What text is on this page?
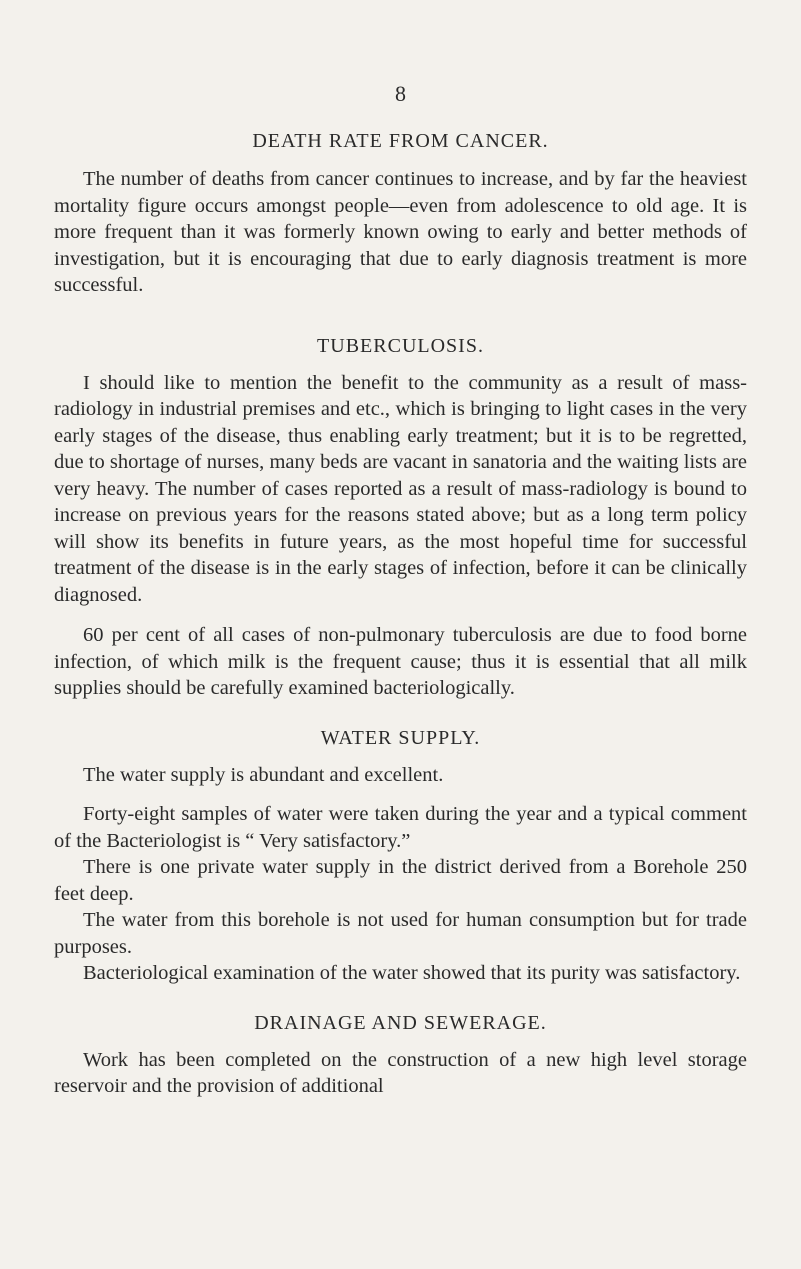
8
DEATH RATE FROM CANCER.

The number of deaths from cancer continues to increase, and by far the heaviest mortality figure occurs amongst people—even from adolescence to old age. It is more frequent than it was formerly known owing to early and better methods of investigation, but it is encouraging that due to early diagnosis treatment is more successful.

TUBERCULOSIS.

I should like to mention the benefit to the community as a result of mass-radiology in industrial premises and etc., which is bringing to light cases in the very early stages of the disease, thus enabling early treatment; but it is to be regretted, due to shortage of nurses, many beds are vacant in sanatoria and the waiting lists are very heavy. The number of cases reported as a result of mass-radiology is bound to increase on previous years for the reasons stated above; but as a long term policy will show its benefits in future years, as the most hopeful time for successful treatment of the disease is in the early stages of infection, before it can be clinically diagnosed.

60 per cent of all cases of non-pulmonary tuberculosis are due to food borne infection, of which milk is the frequent cause; thus it is essential that all milk supplies should be carefully examined bacteriologically.

WATER SUPPLY.

The water supply is abundant and excellent.

Forty-eight samples of water were taken during the year and a typical comment of the Bacteriologist is “ Very satisfactory.”

There is one private water supply in the district derived from a Borehole 250 feet deep.

The water from this borehole is not used for human consumption but for trade purposes.

Bacteriological examination of the water showed that its purity was satisfactory.

DRAINAGE AND SEWERAGE.

Work has been completed on the construction of a new high level storage reservoir and the provision of additional
